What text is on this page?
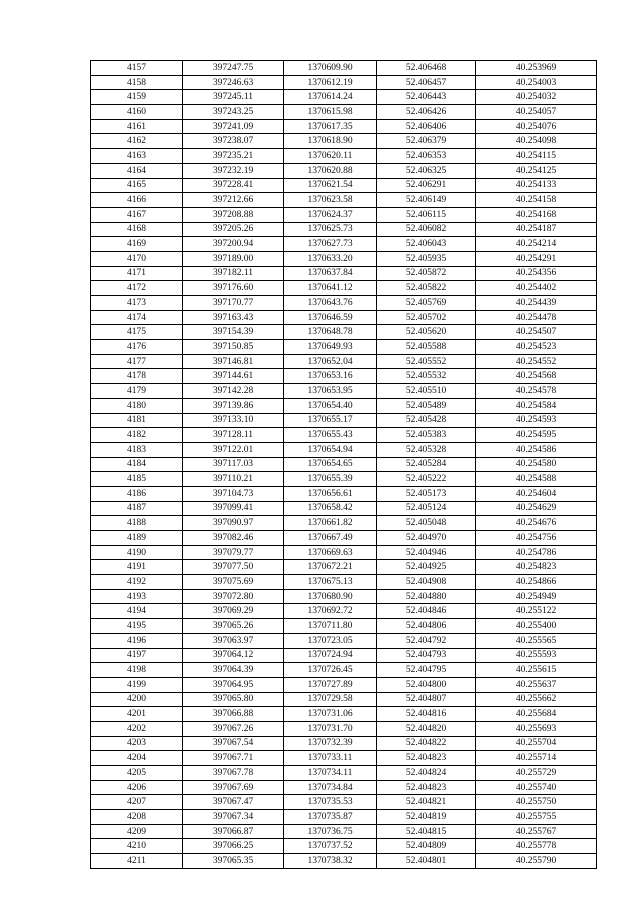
4157	397247.75	1370609.90	52.406468	40.253969
4158	397246.63	1370612.19	52.406457	40.254003
4159	397245.11	1370614.24	52.406443	40.254032
4160	397243.25	1370615.98	52.406426	40.254057
4161	397241.09	1370617.35	52.406406	40.254076
4162	397238.07	1370618.90	52.406379	40.254098
4163	397235.21	1370620.11	52.406353	40.254115
4164	397232.19	1370620.88	52.406325	40.254125
4165	397228.41	1370621.54	52.406291	40.254133
4166	397212.66	1370623.58	52.406149	40.254158
4167	397208.88	1370624.37	52.406115	40.254168
4168	397205.26	1370625.73	52.406082	40.254187
4169	397200.94	1370627.73	52.406043	40.254214
4170	397189.00	1370633.20	52.405935	40.254291
4171	397182.11	1370637.84	52.405872	40.254356
4172	397176.60	1370641.12	52.405822	40.254402
4173	397170.77	1370643.76	52.405769	40.254439
4174	397163.43	1370646.59	52.405702	40.254478
4175	397154.39	1370648.78	52.405620	40.254507
4176	397150.85	1370649.93	52.405588	40.254523
4177	397146.81	1370652.04	52.405552	40.254552
4178	397144.61	1370653.16	52.405532	40.254568
4179	397142.28	1370653.95	52.405510	40.254578
4180	397139.86	1370654.40	52.405489	40.254584
4181	397133.10	1370655.17	52.405428	40.254593
4182	397128.11	1370655.43	52.405383	40.254595
4183	397122.01	1370654.94	52.405328	40.254586
4184	397117.03	1370654.65	52.405284	40.254580
4185	397110.21	1370655.39	52.405222	40.254588
4186	397104.73	1370656.61	52.405173	40.254604
4187	397099.41	1370658.42	52.405124	40.254629
4188	397090.97	1370661.82	52.405048	40.254676
4189	397082.46	1370667.49	52.404970	40.254756
4190	397079.77	1370669.63	52.404946	40.254786
4191	397077.50	1370672.21	52.404925	40.254823
4192	397075.69	1370675.13	52.404908	40.254866
4193	397072.80	1370680.90	52.404880	40.254949
4194	397069.29	1370692.72	52.404846	40.255122
4195	397065.26	1370711.80	52.404806	40.255400
4196	397063.97	1370723.05	52.404792	40.255565
4197	397064.12	1370724.94	52.404793	40.255593
4198	397064.39	1370726.45	52.404795	40.255615
4199	397064.95	1370727.89	52.404800	40.255637
4200	397065.80	1370729.58	52.404807	40.255662
4201	397066.88	1370731.06	52.404816	40.255684
4202	397067.26	1370731.70	52.404820	40.255693
4203	397067.54	1370732.39	52.404822	40.255704
4204	397067.71	1370733.11	52.404823	40.255714
4205	397067.78	1370734.11	52.404824	40.255729
4206	397067.69	1370734.84	52.404823	40.255740
4207	397067.47	1370735.53	52.404821	40.255750
4208	397067.34	1370735.87	52.404819	40.255755
4209	397066.87	1370736.75	52.404815	40.255767
4210	397066.25	1370737.52	52.404809	40.255778
4211	397065.35	1370738.32	52.404801	40.255790
